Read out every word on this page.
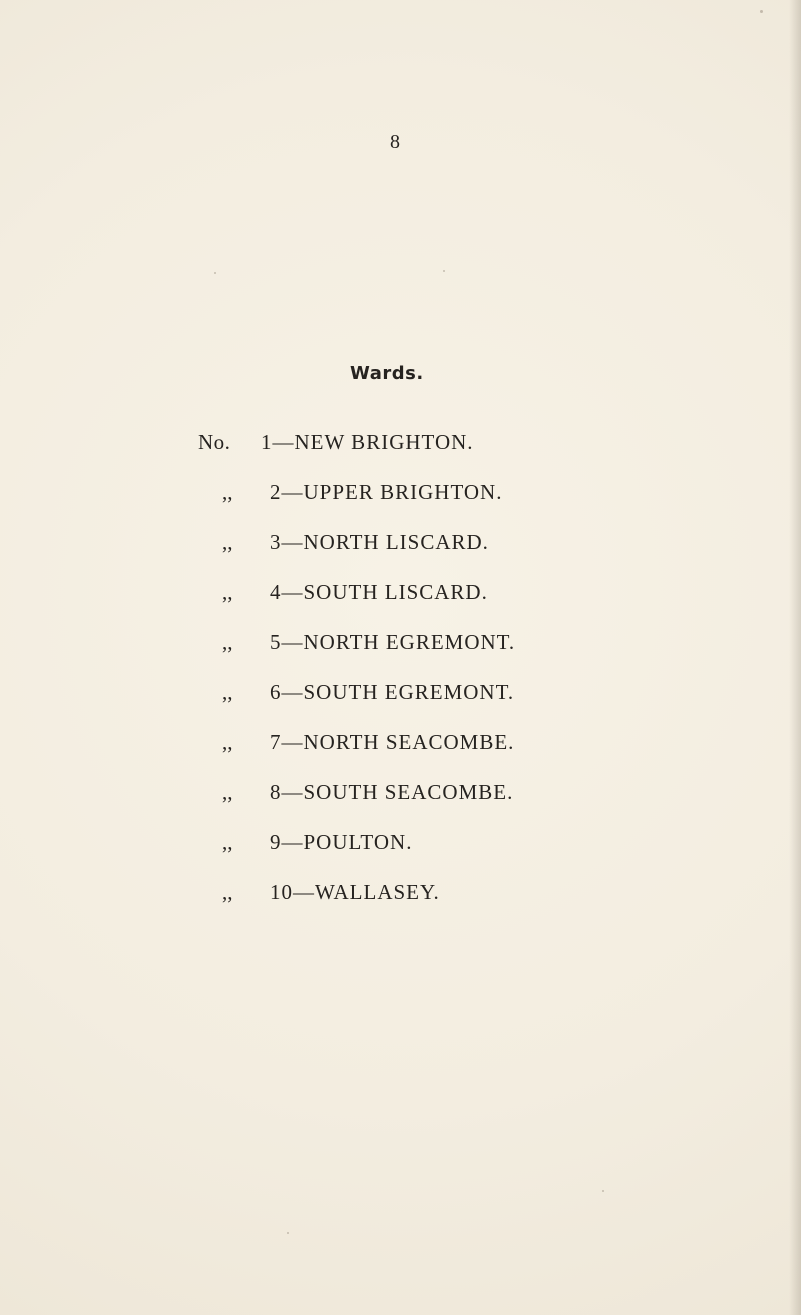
8
Wards.
No. 1—NEW BRIGHTON.
,, 2—UPPER BRIGHTON.
,, 3—NORTH LISCARD.
,, 4—SOUTH LISCARD.
,, 5—NORTH EGREMONT.
,, 6—SOUTH EGREMONT.
,, 7—NORTH SEACOMBE.
,, 8—SOUTH SEACOMBE.
,, 9—POULTON.
,, 10—WALLASEY.
